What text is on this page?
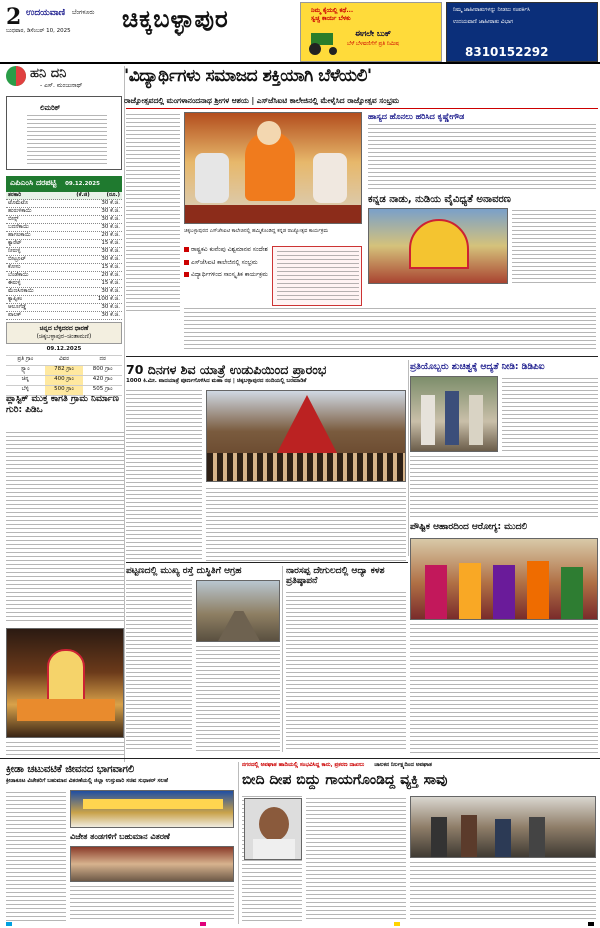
2 ಉದಯವಾಣಿ ಬೆಂಗಳೂರು
ಬುಧವಾರ, ಡಿಸೆಂಬರ್ 10, 2025 ಚಿಕ್ಕಬಳ್ಳಾಪುರ	ನಿಮ್ಮ ಕೈಯಲ್ಲಿ ಕಥೆ...
ಸ್ವಚ್ಚ ಕಾರ್ಯ ಬೆಳಕು
ಈಗಲೇ ಬುಕ್
ಬೆಳೆ ಬೆಳವಣಿಗೆಗೆ ಪ್ರತಿ ನಿಮಿಷ
ನಿಮ್ಮ ಜಾಹೀರಾತುಗಳನ್ನು ನೀಡಲು ಸಂಪರ್ಕಿಸಿ
ಉದಯವಾಣಿ ಜಾಹೀರಾತು ವಿಭಾಗ
8310152292
ಹನಿ ದನಿ
- ಎಸ್. ಮಂಜುನಾಥ್
ಲಿಮರಿಕ್
ಎಪಿಎಂಸಿ ದರಪಟ್ಟಿ 09.12.2025
ತರಕಾರಿ	(ಕೆ.ಜಿ)	(ರೂ.)
ಟೊಮೆಟೊ	30 ಕೆ.ಜಿ.
ಹುರುಳಿಕಾಯಿ	30 ಕೆ.ಜಿ.
ಬೀನ್ಸ್	30 ಕೆ.ಜಿ.
ಬದನೆಕಾಯಿ	30 ಕೆ.ಜಿ.
ಹಾಗಲಕಾಯಿ	20 ಕೆ.ಜಿ.
ಕ್ಯಾರೆಟ್	15 ಕೆ.ಜಿ.
ನೀರುಳ್ಳಿ	30 ಕೆ.ಜಿ.
ಬೀಟ್ರೂಟ್	30 ಕೆ.ಜಿ.
ಕೋಸು	15 ಕೆ.ಜಿ.
ಬೆಂಡೆಕಾಯಿ	20 ಕೆ.ಜಿ.
ಈರುಳ್ಳಿ	15 ಕೆ.ಜಿ.
ಮೆಣಸಿನಕಾಯಿ	30 ಕೆ.ಜಿ.
ಕ್ಯಾಪ್ಸಿಕಂ	100 ಕೆ.ಜಿ.
ಆಲೂಗೆಡ್ಡೆ	30 ಕೆ.ಜಿ.
ಪಾಲಕ್	30 ಕೆ.ಜಿ.
ಚಿನ್ನದ ಬೆಳ್ಳಿದರದ ಧಾರಣೆ
(ಚಿಕ್ಕಬಳ್ಳಾಪುರ–ಚಿಂತಾಮಣಿ)
09.12.2025
ಪ್ರತಿ ಗ್ರಾಂ	ವಿವರ	ದರ
ಸ್ಟ್ಯಾಂ	782 ಗ್ರಾಂ	800 ಗ್ರಾಂ
ಚಿನ್ನ	400 ಗ್ರಾಂ	420 ಗ್ರಾಂ
ಬೆಳ್ಳಿ	500 ಗ್ರಾಂ	505 ಗ್ರಾಂ
ಪ್ಲಾಸ್ಟಿಕ್ ಮುಕ್ತ ಕಾಗತಿ ಗ್ರಾಮ ನಿರ್ಮಾಣ ಗುರಿ: ಪಿಡಿಒ
'ವಿದ್ಯಾರ್ಥಿಗಳು ಸಮಾಜದ ಶಕ್ತಿಯಾಗಿ ಬೆಳೆಯಲಿ'
ರಾಜ್ಯೋತ್ಸವದಲ್ಲಿ ಮಂಗಳಾನಂದನಾಥ ಶ್ರೀಗಳ ಆಶಯ | ಎಸ್‌ಜೆಸಿಐಟಿ ಕಾಲೇಜಿನಲ್ಲಿ ಮೇಳೈಸಿದ ರಾಜ್ಯೋತ್ಸವ ಸಂಭ್ರಮ
ಚಿಕ್ಕಬಳ್ಳಾಪುರದ ಎಸ್‌ಜೆಸಿಐಟಿ ಕಾಲೇಜಿನಲ್ಲಿ ಹಮ್ಮಿಕೊಂಡಿದ್ದ ಕನ್ನಡ ರಾಜ್ಯೋತ್ಸವ ಕಾರ್ಯಕ್ರಮ
ರಾಷ್ಟ್ರಕವಿ ಕುವೆಂಪು ವಿಶ್ವಮಾನವ ಸಂದೇಶ
ಎಸ್‌ಜೆಸಿಐಟಿ ಕಾಲೇಜಿನಲ್ಲಿ ಸಂಭ್ರಮ
ವಿದ್ಯಾರ್ಥಿಗಳಿಂದ ಸಾಂಸ್ಕೃತಿಕ ಕಾರ್ಯಕ್ರಮ
ಹಾಸ್ಯದ ಹೊನಲು ಹರಿಸಿದ ಕೃಷ್ಣೇಗೌಡ
ಕನ್ನಡ ನಾಡು, ನುಡಿಯ ವೈವಿಧ್ಯತೆ ಅನಾವರಣ
70 ದಿನಗಳ ಶಿವ ಯಾತ್ರೆ ಉಡುಪಿಯಿಂದ ಪ್ರಾರಂಭ
1000 ಕಿ.ಮೀ. ಪಾದಯಾತ್ರೆ ಪೂರ್ಣಗೊಳಿಸಿದ ಮಹಾ ರಥ | ಚಿಕ್ಕಬಳ್ಳಾಪುರದ ನಂದಿಯಲ್ಲಿ ಬರಮಾಡಿಕೆ
ಪ್ರತಿಯೊಬ್ಬರು ಶುಚಿತ್ವಕ್ಕೆ ಆದ್ಯತೆ ನೀಡಿ: ಡಿಡಿಪಿಐ
ಪೌಷ್ಟಿಕ ಆಹಾರದಿಂದ ಆರೋಗ್ಯ: ಮುದಲಿ
ಪಟ್ಟಣದಲ್ಲಿ ಮುಖ್ಯ ರಸ್ತೆ ದುಸ್ಥಿತಿಗೆ ಆಗ್ರಹ	ನಾರಸಪ್ಪ ದೇಗುಲದಲ್ಲಿ ಆದ್ಯಾ ಕಳಶ ಪ್ರತಿಷ್ಠಾಪನೆ
ಕ್ರೀಡಾ ಚಟುವಟಿಕೆ ಜೀವನದ ಭಾಗವಾಗಲಿ
ಕ್ರೀಡಾಕೂಟ ವಿಜೇತರಿಗೆ ಬಹುಮಾನ ವಿತರಣೆಯಲ್ಲಿ ಜಿಲ್ಲಾ ಉಸ್ತುವಾರಿ ಸಚಿವ ಸುಧಾಕರ್ ಸಲಹೆ
ವಿಜೇತ ತಂಡಗಳಿಗೆ ಬಹುಮಾನ ವಿತರಣೆ
ನಗರದಲ್ಲಿ ಅಪಘಾತ ಹಾದಿಯಲ್ಲಿ ಸಂಭವಿಸಿದ್ದ ಕಾರು, ಪ್ರಕರಣ ದಾಖಲು ಚಾಲಕನ ನಿರ್ಲಕ್ಷ್ಯದಿಂದ ಅಪಘಾತ
ಬೀದಿ ದೀಪ ಬಿದ್ದು ಗಾಯಗೊಂಡಿದ್ದ ವ್ಯಕ್ತಿ ಸಾವು
